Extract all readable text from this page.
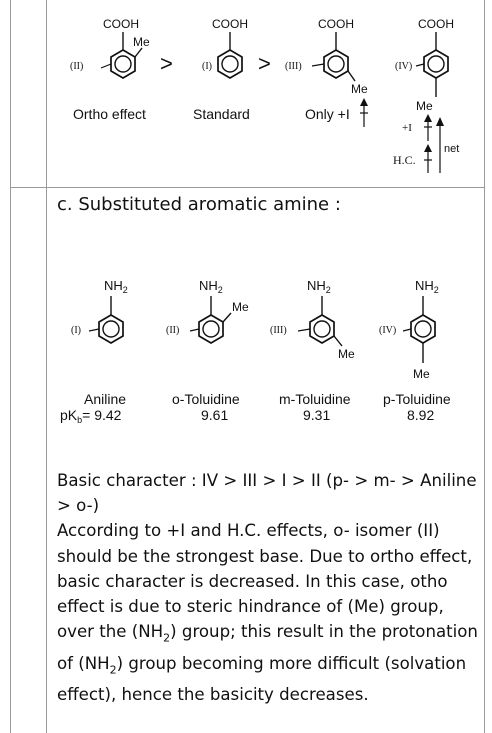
COOH
Me
(II)
Ortho effect
>
COOH
(I)
Standard
>
COOH
Me
(III)
Only +I
COOH
Me
(IV)
+I
H.C.
net
c. Substituted aromatic amine :
$NH_2$
(I)
Aniline
$pK_b= 9.42$
$NH_2$
Me
(II)
o-Toluidine
9.61
$NH_2$
Me
(III)
m-Toluidine
9.31
$NH_2$
Me
(IV)
p-Toluidine
8.92

Basic character : IV > III > I > II (p- > m- > Aniline > o-)

According to +I and H.C. effects, o- isomer (II) should be the strongest base. Due to ortho effect, basic character is decreased. In this case, otho effect is due to steric hindrance of (Me) group, over the $(NH_2)$ group; this result in the protonation of $(NH_2)$ group becoming more difficult (solvation effect), hence the basicity decreases.
